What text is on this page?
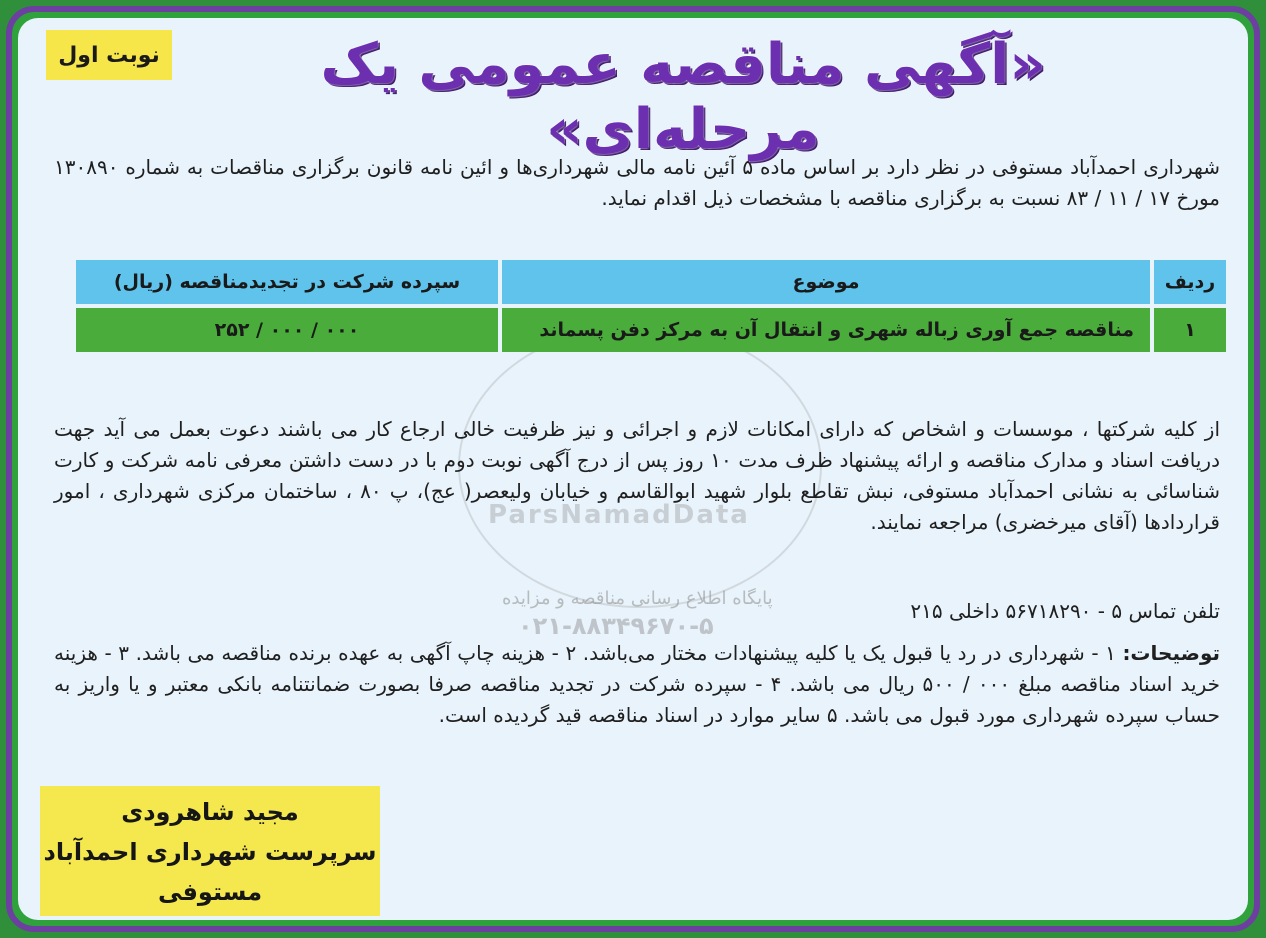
ParsNamadData
پایگاه اطلاع رسانی مناقصه و مزایده
۰۲۱-۸۸۳۴۹۶۷۰-۵
نوبت اول	«آگهی مناقصه عمومی یک مرحله‌ای»
شهرداری احمدآباد مستوفی در نظر دارد بر اساس ماده ۵ آئین نامه مالی شهرداری‌ها و ائین نامه قانون برگزاری مناقصات به شماره ۱۳۰۸۹۰ مورخ ۱۷ / ۱۱ / ۸۳ نسبت به برگزاری مناقصه با مشخصات ذیل اقدام نماید.
ردیف	موضوع	سپرده شرکت در تجدیدمناقصه (ریال)
۱	مناقصه جمع آوری زباله شهری و انتقال آن به مرکز دفن پسماند	۰۰۰ / ۰۰۰ / ۲۵۲
از کلیه شرکتها ، موسسات و اشخاص که دارای امکانات لازم و اجرائی و نیز ظرفیت خالی ارجاع کار می باشند دعوت بعمل می آید جهت دریافت اسناد و مدارک مناقصه و ارائه پیشنهاد ظرف مدت ۱۰ روز پس از درج آگهی نوبت دوم با در دست داشتن معرفی نامه شرکت و کارت شناسائی به نشانی احمدآباد مستوفی، نبش تقاطع بلوار شهید ابوالقاسم و خیابان ولیعصر( عج)، پ ۸۰ ، ساختمان مرکزی شهرداری ، امور قراردادها (آقای میرخضری) مراجعه نمایند.
تلفن تماس ۵ - ۵۶۷۱۸۲۹۰ داخلی ۲۱۵
توضیحات: ۱ - شهرداری در رد یا قبول یک یا کلیه پیشنهادات مختار می‌باشد. ۲ - هزینه چاپ آگهی به عهده برنده مناقصه می باشد. ۳ - هزینه خرید اسناد مناقصه مبلغ ۰۰۰ / ۵۰۰ ریال می باشد. ۴ - سپرده شرکت در تجدید مناقصه صرفا بصورت ضمانتنامه بانکی معتبر و یا واریز به حساب سپرده شهرداری مورد قبول می باشد. ۵ سایر موارد در اسناد مناقصه قید گردیده است.
مجید شاهرودی
سرپرست شهرداری احمدآباد
مستوفی
